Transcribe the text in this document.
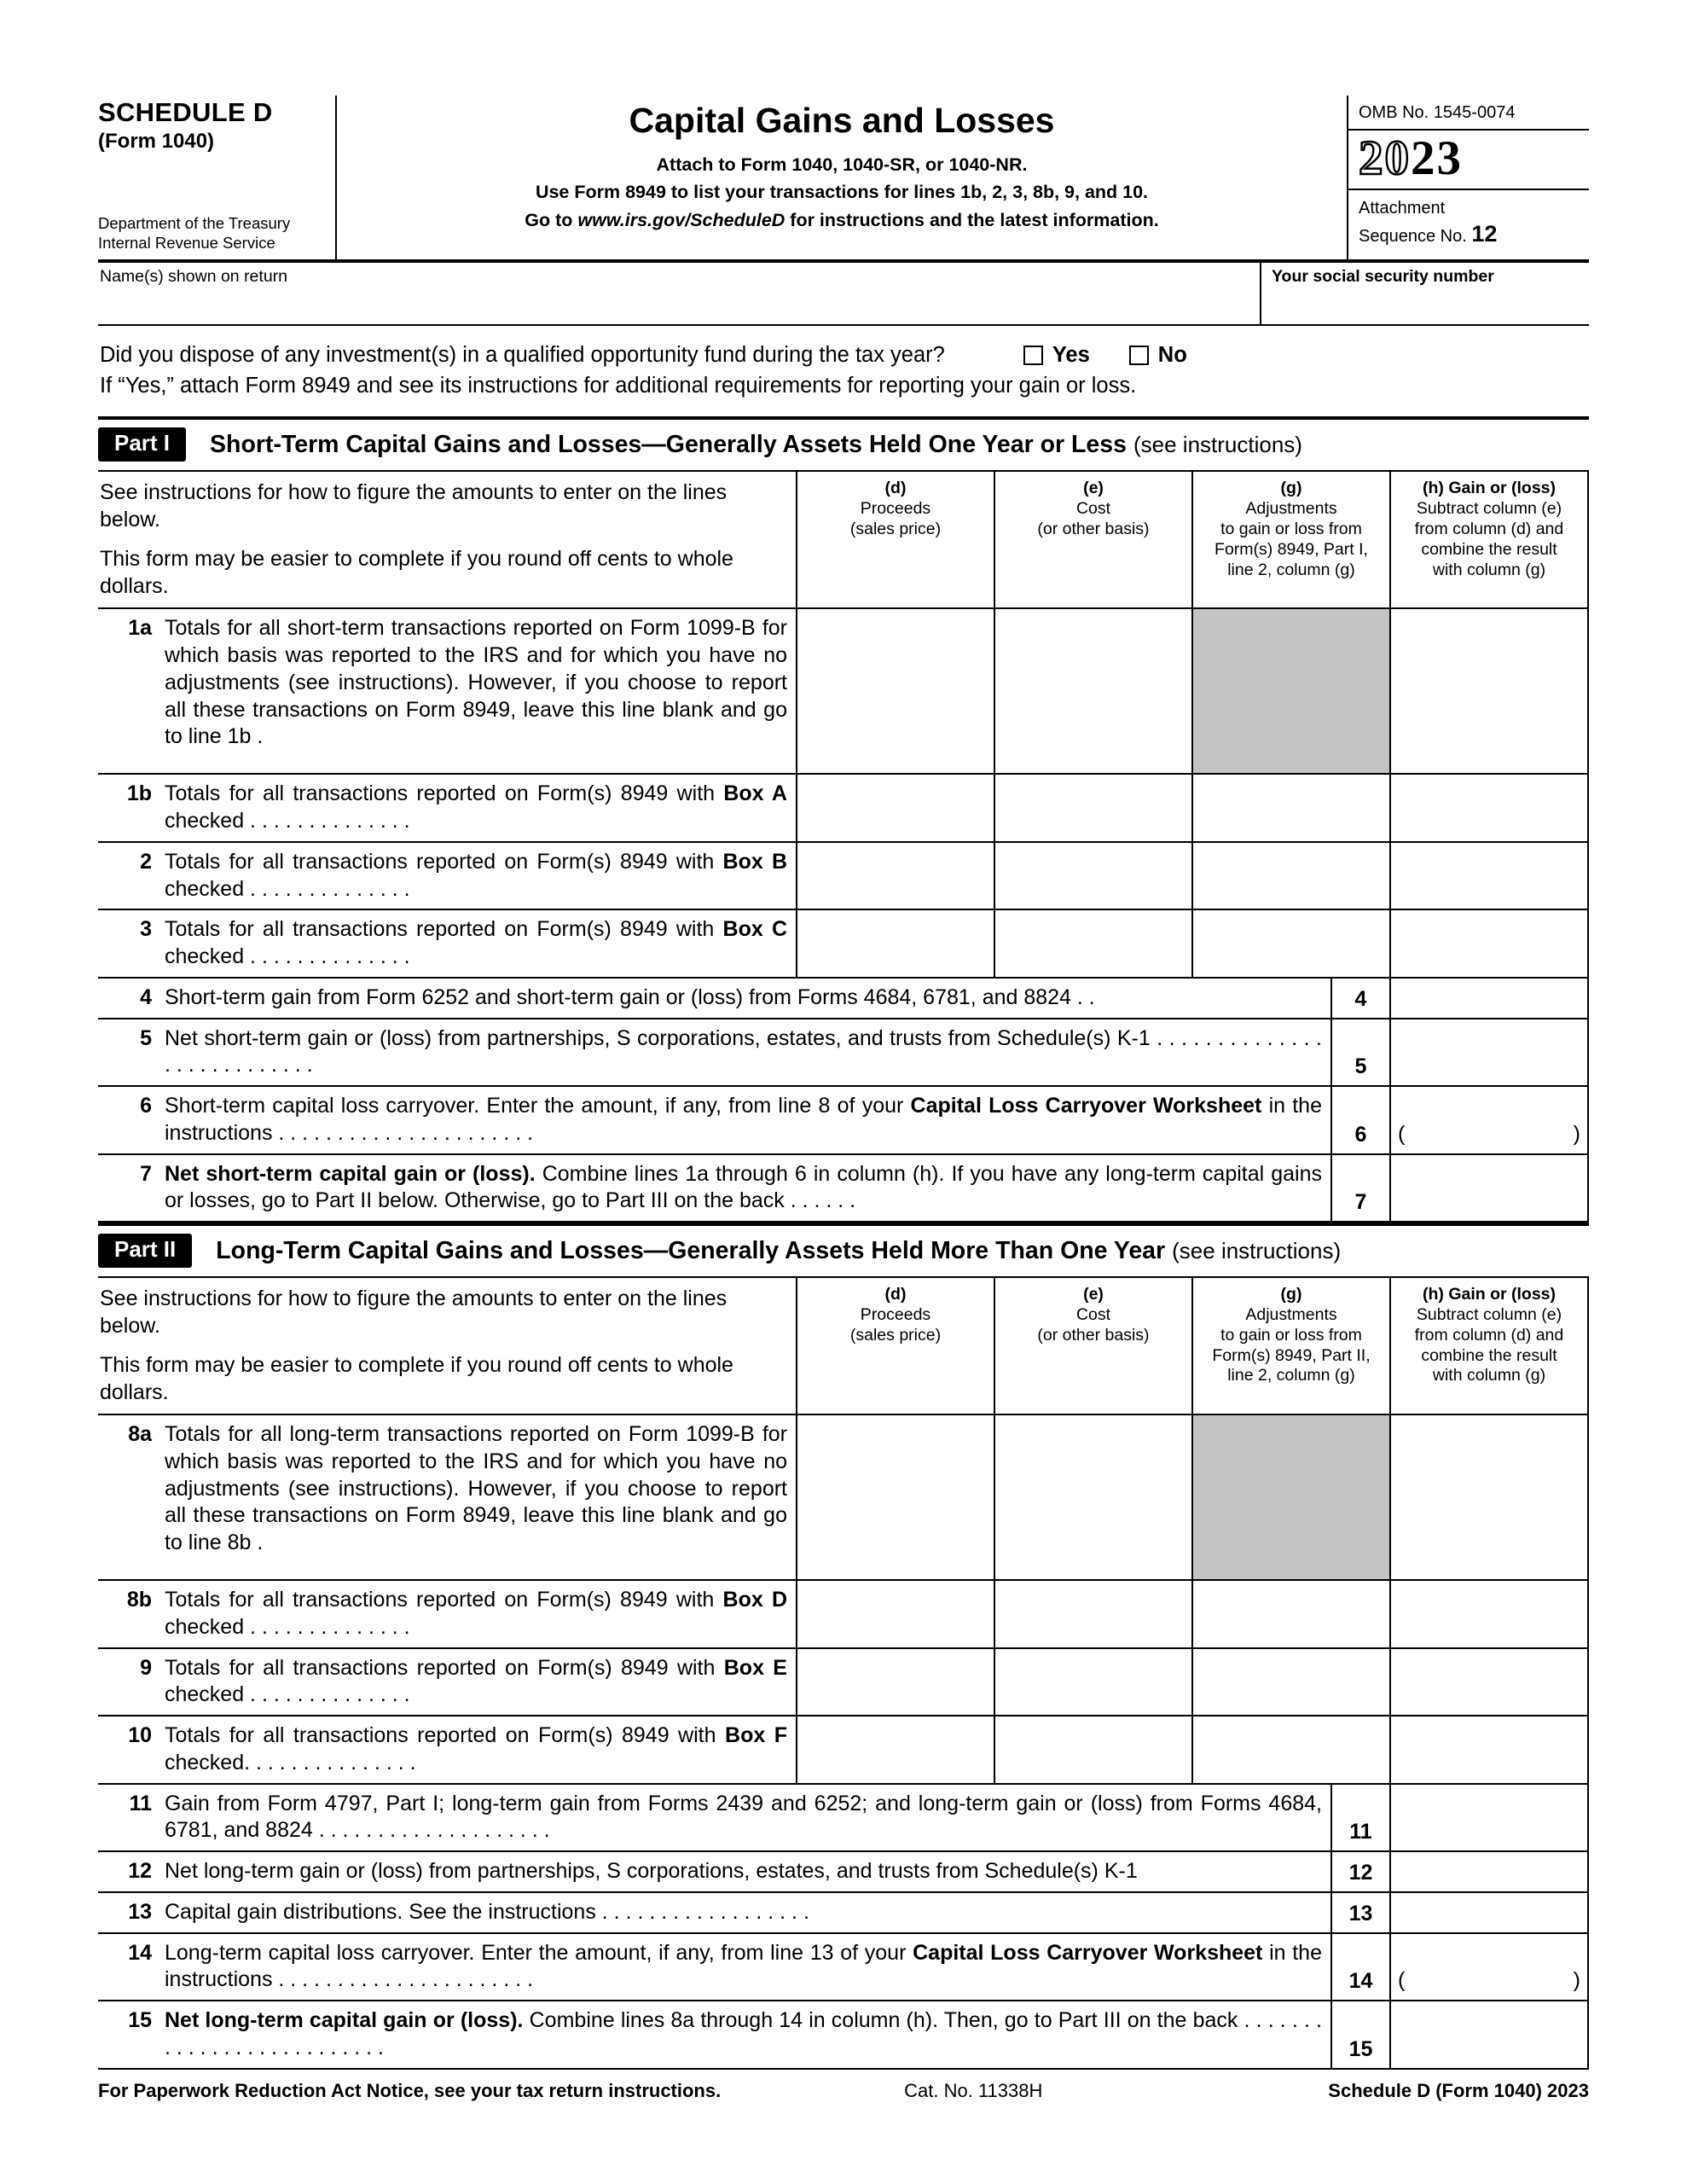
SCHEDULE D
(Form 1040)
Department of the Treasury
Internal Revenue Service
Capital Gains and Losses
Attach to Form 1040, 1040-SR, or 1040-NR.
Use Form 8949 to list your transactions for lines 1b, 2, 3, 8b, 9, and 10.
Go to www.irs.gov/ScheduleD for instructions and the latest information.
OMB No. 1545-0074
2023
Attachment
Sequence No. 12
Name(s) shown on return	Your social security number
Did you dispose of any investment(s) in a qualified opportunity fund during the tax year?	Yes	No
If “Yes,” attach Form 8949 and see its instructions for additional requirements for reporting your gain or loss.
Part I	Short-Term Capital Gains and Losses—Generally Assets Held One Year or Less (see instructions)
See instructions for how to figure the amounts to enter on the lines below.
This form may be easier to complete if you round off cents to whole dollars.
(d)
Proceeds
(sales price)
(e)
Cost
(or other basis)
(g)
Adjustments
to gain or loss from
Form(s) 8949, Part I,
line 2, column (g)
(h) Gain or (loss)
Subtract column (e)
from column (d) and
combine the result
with column (g)
1a Totals for all short-term transactions reported on Form 1099-B for which basis was reported to the IRS and for which you have no adjustments (see instructions). However, if you choose to report all these transactions on Form 8949, leave this line blank and go to line 1b .
1b Totals for all transactions reported on Form(s) 8949 with Box A checked . . . . . . . . . . . . . .
2 Totals for all transactions reported on Form(s) 8949 with Box B checked . . . . . . . . . . . . . .
3 Totals for all transactions reported on Form(s) 8949 with Box C checked . . . . . . . . . . . . . .
4 Short-term gain from Form 6252 and short-term gain or (loss) from Forms 4684, 6781, and 8824 . .	4
5 Net short-term gain or (loss) from partnerships, S corporations, estates, and trusts from Schedule(s) K-1 . . . . . . . . . . . . . . . . . . . . . . . . . . .	5
6 Short-term capital loss carryover. Enter the amount, if any, from line 8 of your Capital Loss Carryover Worksheet in the instructions . . . . . . . . . . . . . . . . . . . . . .	6 (	)
7 Net short-term capital gain or (loss). Combine lines 1a through 6 in column (h). If you have any long-term capital gains or losses, go to Part II below. Otherwise, go to Part III on the back . . . . . .	7
Part II	Long-Term Capital Gains and Losses—Generally Assets Held More Than One Year (see instructions)
See instructions for how to figure the amounts to enter on the lines below.
This form may be easier to complete if you round off cents to whole dollars.
(d)
Proceeds
(sales price)
(e)
Cost
(or other basis)
(g)
Adjustments
to gain or loss from
Form(s) 8949, Part II,
line 2, column (g)
(h) Gain or (loss)
Subtract column (e)
from column (d) and
combine the result
with column (g)
8a Totals for all long-term transactions reported on Form 1099-B for which basis was reported to the IRS and for which you have no adjustments (see instructions). However, if you choose to report all these transactions on Form 8949, leave this line blank and go to line 8b .
8b Totals for all transactions reported on Form(s) 8949 with Box D checked . . . . . . . . . . . . . .
9 Totals for all transactions reported on Form(s) 8949 with Box E checked . . . . . . . . . . . . . .
10 Totals for all transactions reported on Form(s) 8949 with Box F checked. . . . . . . . . . . . . . .
11 Gain from Form 4797, Part I; long-term gain from Forms 2439 and 6252; and long-term gain or (loss) from Forms 4684, 6781, and 8824 . . . . . . . . . . . . . . . . . . . .	11
12 Net long-term gain or (loss) from partnerships, S corporations, estates, and trusts from Schedule(s) K-1	12
13 Capital gain distributions. See the instructions . . . . . . . . . . . . . . . . . .	13
14 Long-term capital loss carryover. Enter the amount, if any, from line 13 of your Capital Loss Carryover Worksheet in the instructions . . . . . . . . . . . . . . . . . . . . . .	14 (	)
15 Net long-term capital gain or (loss). Combine lines 8a through 14 in column (h). Then, go to Part III on the back . . . . . . . . . . . . . . . . . . . . . . . . . .	15
For Paperwork Reduction Act Notice, see your tax return instructions.	Cat. No. 11338H	Schedule D (Form 1040) 2023
